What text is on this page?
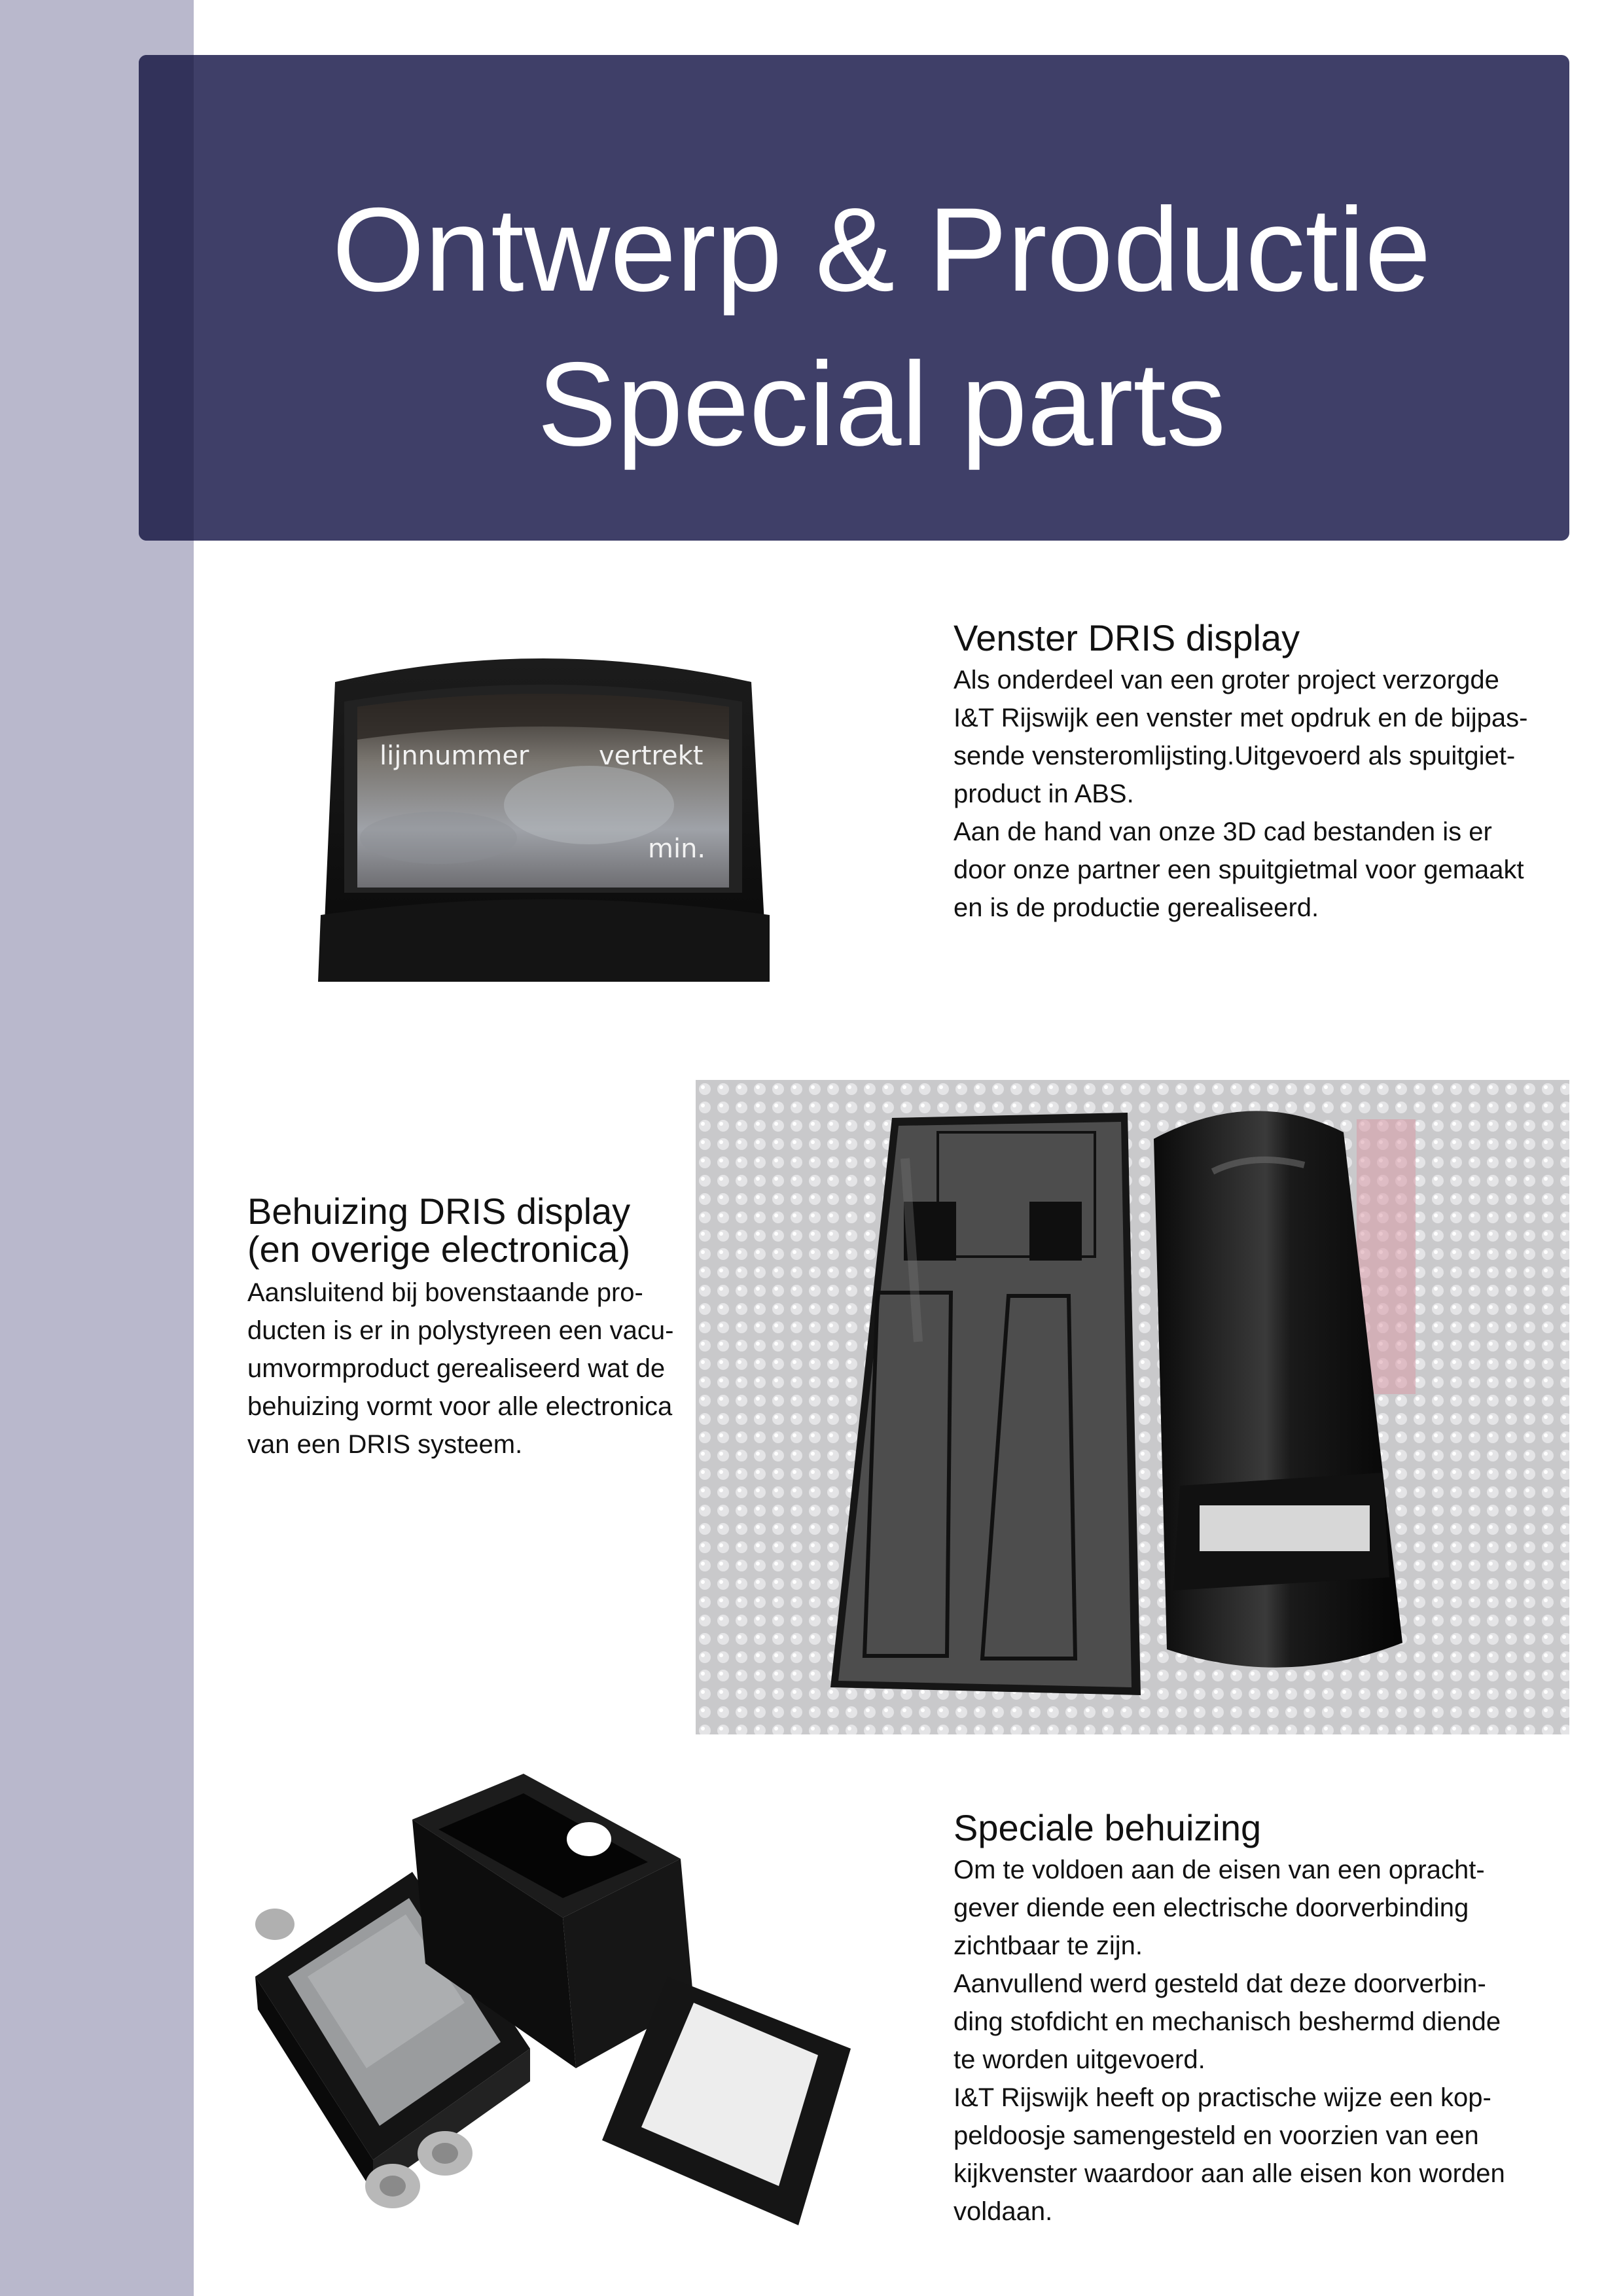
Ontwerp & Productie
Special parts
lijnnummer	vertrekt
min.
Venster DRIS display
Als onderdeel van een groter project verzorgde
I&T Rijswijk een venster met opdruk en de bijpas-
sende vensteromlijsting.Uitgevoerd als spuitgiet-
product in ABS.
Aan de hand van onze 3D cad bestanden is er
door onze partner een spuitgietmal voor gemaakt
en is de productie gerealiseerd.
Behuizing DRIS display
(en overige electronica)
Aansluitend bij bovenstaande pro-
ducten is er in polystyreen een vacu-
umvormproduct gerealiseerd wat de
behuizing vormt voor alle electronica
van een DRIS systeem.
Speciale behuizing
Om te voldoen aan de eisen van een opracht-
gever diende een electrische doorverbinding
zichtbaar te zijn.
Aanvullend werd gesteld dat deze doorverbin-
ding stofdicht en mechanisch beshermd diende
te worden uitgevoerd.
I&T Rijswijk heeft op practische wijze een kop-
peldoosje samengesteld en voorzien van een
kijkvenster waardoor aan alle eisen kon worden
voldaan.
